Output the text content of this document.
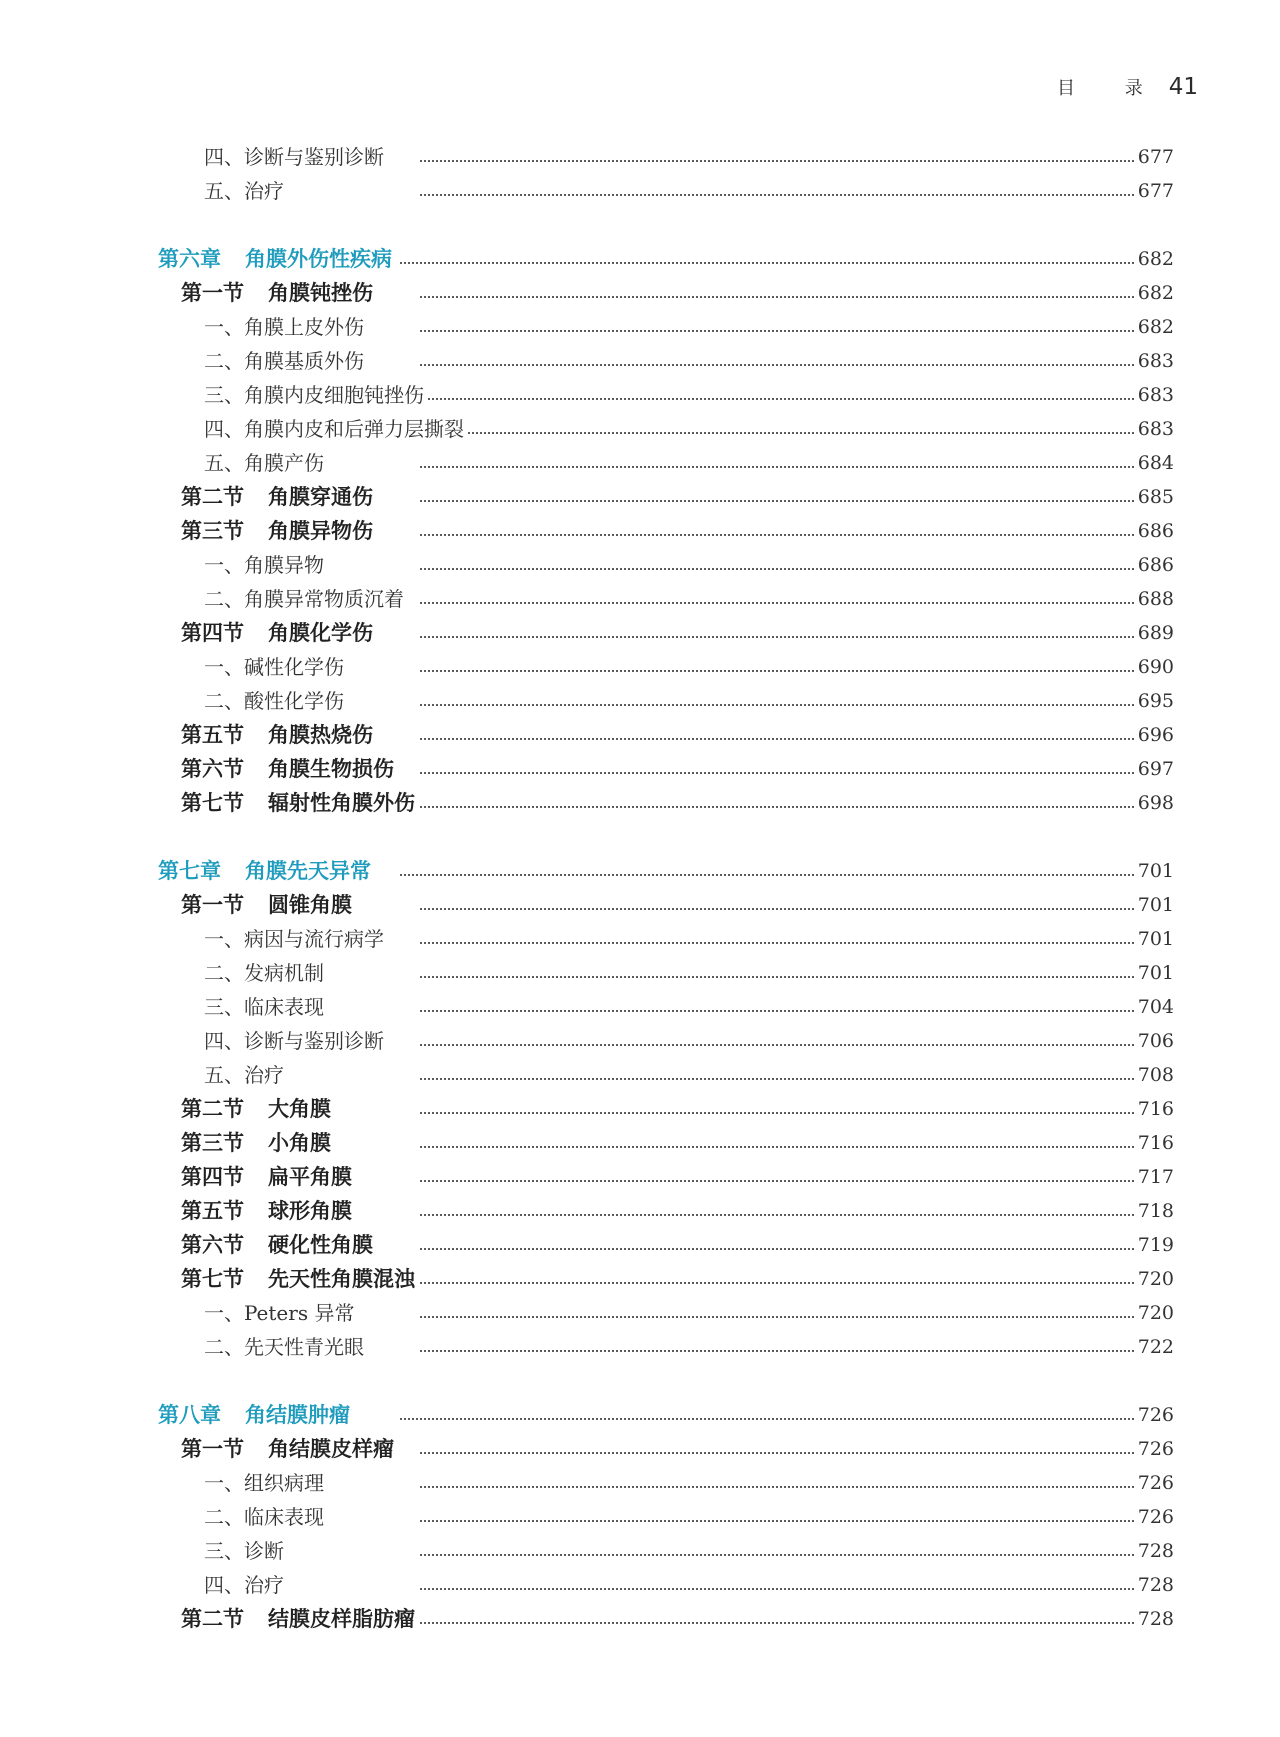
目 录 41
四、诊断与鉴别诊断	677
五、治疗	677
第六章 角膜外伤性疾病	682
第一节 角膜钝挫伤	682
一、角膜上皮外伤	682
二、角膜基质外伤	683
三、角膜内皮细胞钝挫伤	683
四、角膜内皮和后弹力层撕裂	683
五、角膜产伤	684
第二节 角膜穿通伤	685
第三节 角膜异物伤	686
一、角膜异物	686
二、角膜异常物质沉着	688
第四节 角膜化学伤	689
一、碱性化学伤	690
二、酸性化学伤	695
第五节 角膜热烧伤	696
第六节 角膜生物损伤	697
第七节 辐射性角膜外伤	698
第七章 角膜先天异常	701
第一节 圆锥角膜	701
一、病因与流行病学	701
二、发病机制	701
三、临床表现	704
四、诊断与鉴别诊断	706
五、治疗	708
第二节 大角膜	716
第三节 小角膜	716
第四节 扁平角膜	717
第五节 球形角膜	718
第六节 硬化性角膜	719
第七节 先天性角膜混浊	720
一、Peters 异常	720
二、先天性青光眼	722
第八章 角结膜肿瘤	726
第一节 角结膜皮样瘤	726
一、组织病理	726
二、临床表现	726
三、诊断	728
四、治疗	728
第二节 结膜皮样脂肪瘤	728
